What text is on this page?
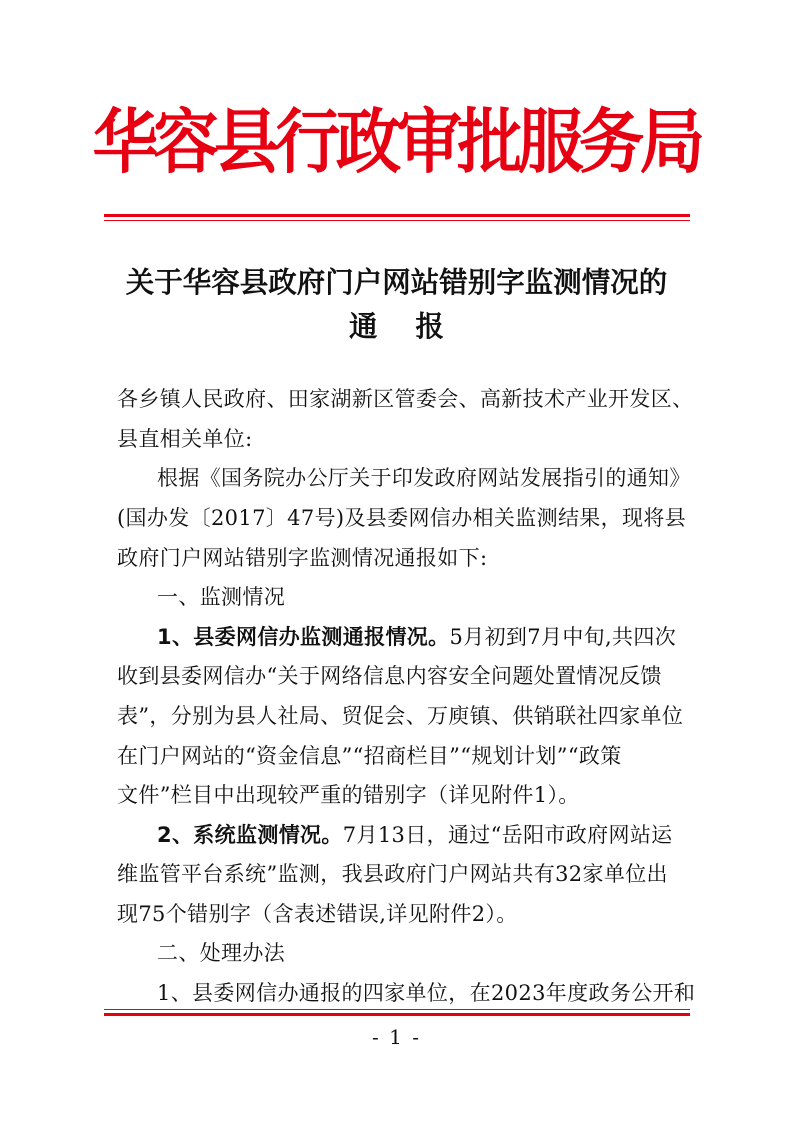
华容县行政审批服务局
关于华容县政府门户网站错别字监测情况的
通报
各乡镇人民政府、田家湖新区管委会、高新技术产业开发区、
县直相关单位:
根据《国务院办公厅关于印发政府网站发展指引的通知》
(国办发〔2017〕47号)及县委网信办相关监测结果，现将县
政府门户网站错别字监测情况通报如下:
一、监测情况
1、县委网信办监测通报情况。5月初到7月中旬,共四次
收到县委网信办“关于网络信息内容安全问题处置情况反馈
表”，分别为县人社局、贸促会、万庾镇、供销联社四家单位
在门户网站的“资金信息”“招商栏目”“规划计划”“政策
文件”栏目中出现较严重的错别字（详见附件1）。
2、系统监测情况。7月13日，通过“岳阳市政府网站运
维监管平台系统”监测，我县政府门户网站共有32家单位出
现75个错别字（含表述错误,详见附件2）。
二、处理办法
1、县委网信办通报的四家单位，在2023年度政务公开和
- 1 -
